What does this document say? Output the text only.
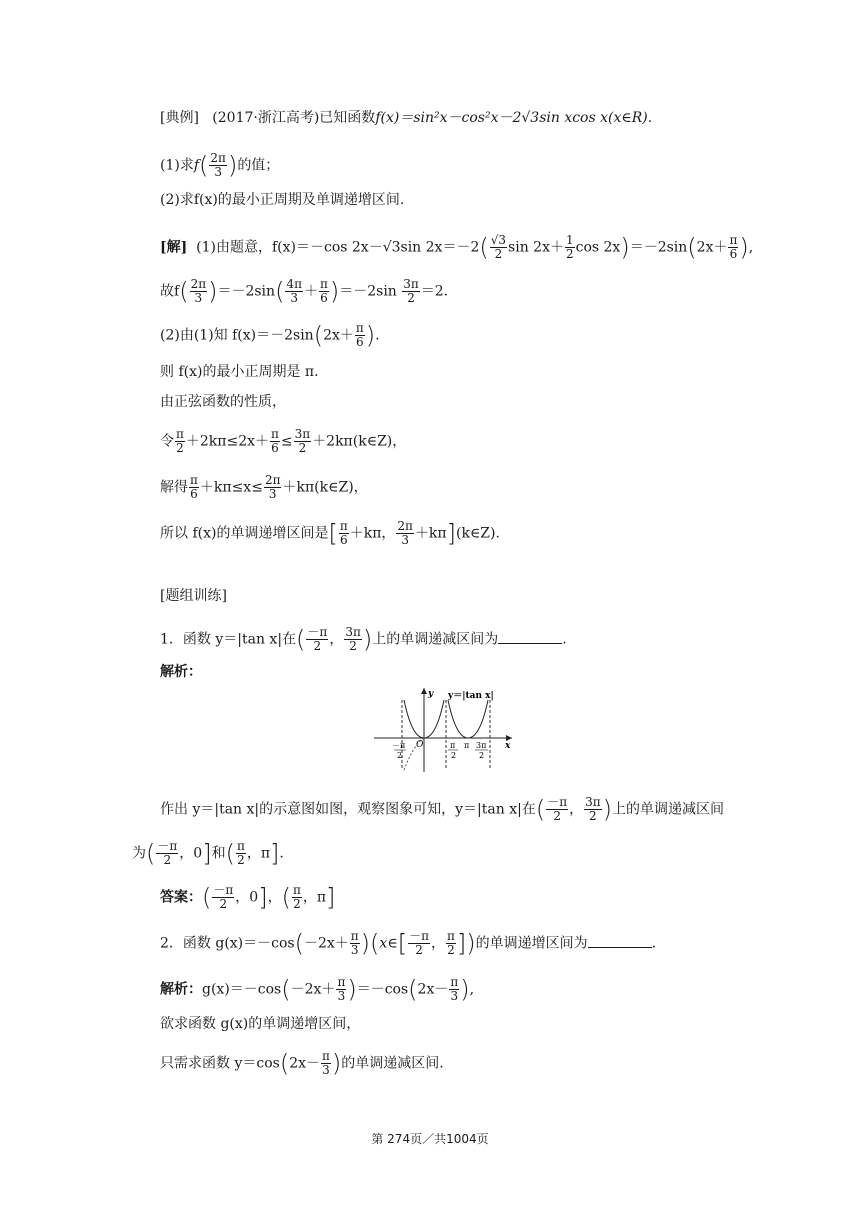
[典例] (2017·浙江高考)已知函数f(x)＝sin²x－cos²x－2√3sin xcos x(x∈R).
(1)求$f( \frac{2\pi}{3}$ )的值；
(2)求f(x)的最小正周期及单调递增区间.
[解] (1)由题意，f(x)＝－cos 2x－√3sin $2x=-2( \frac{√3}{2}$ $\sin 2x+ \frac{1}{2}$ $\cos 2x)=-2\sin(2x+ \frac{\pi}{6}$ ),
故$f( \frac{2\pi}{3} )=-2\sin( \frac{4\pi}{3} + \frac{\pi}{6} )=-2\sin \frac{3\pi}{2} =2$.
(2)由(1)知 $f(x)=-2\sin(2x+ \frac{\pi}{6}$ ).
则 f(x)的最小正周期是 π.
由正弦函数的性质，
令 $\frac{\pi}{2} +2k\pi\le 2x+ \frac{\pi}{6} \le \frac{3\pi}{2}$ ＋2kπ(k∈Z)，
解得 $\frac{\pi}{6} +k\pi\le x\le \frac{2\pi}{3}$ ＋kπ(k∈Z)，
所以 f(x)的单调递增区间是[ $\frac{\pi}{6} +k\pi$， $\frac{2\pi}{3}$ ＋kπ](k∈Z).
[题组训练]
1．函数 y＝|tan x|在( $\frac{-\pi}{2}$ ， $\frac{3\pi}{2}$ )上的单调递减区间为	.
解析：
y
x
O
y＝|tan x|
－π
2
π
2
π 3π
2
作出 y＝|tan x|的示意图如图，观察图象可知，y＝|tan x|在( $\frac{-\pi}{2}$ ， $\frac{3\pi}{2}$ )上的单调递减区间
为( $\frac{-\pi}{2}$ ，0]和( $\frac{\pi}{2}$ ，π].
答案：( $\frac{-\pi}{2}$ ，0]，( $\frac{\pi}{2}$ ，π]
2．函数 $g(x)=-\cos(-2x+ \frac{\pi}{3}$ )(x∈[ $\frac{-\pi}{2}$ ， $\frac{\pi}{2}$ ])的单调递增区间为	.
解析：$g(x)=-\cos(-2x+ \frac{\pi}{3} )=-\cos(2x- \frac{\pi}{3}$ ),
欲求函数 g(x)的单调递增区间，
只需求函数 $y=\cos(2x- \frac{\pi}{3}$ )的单调递减区间.
第 274页／共1004页
